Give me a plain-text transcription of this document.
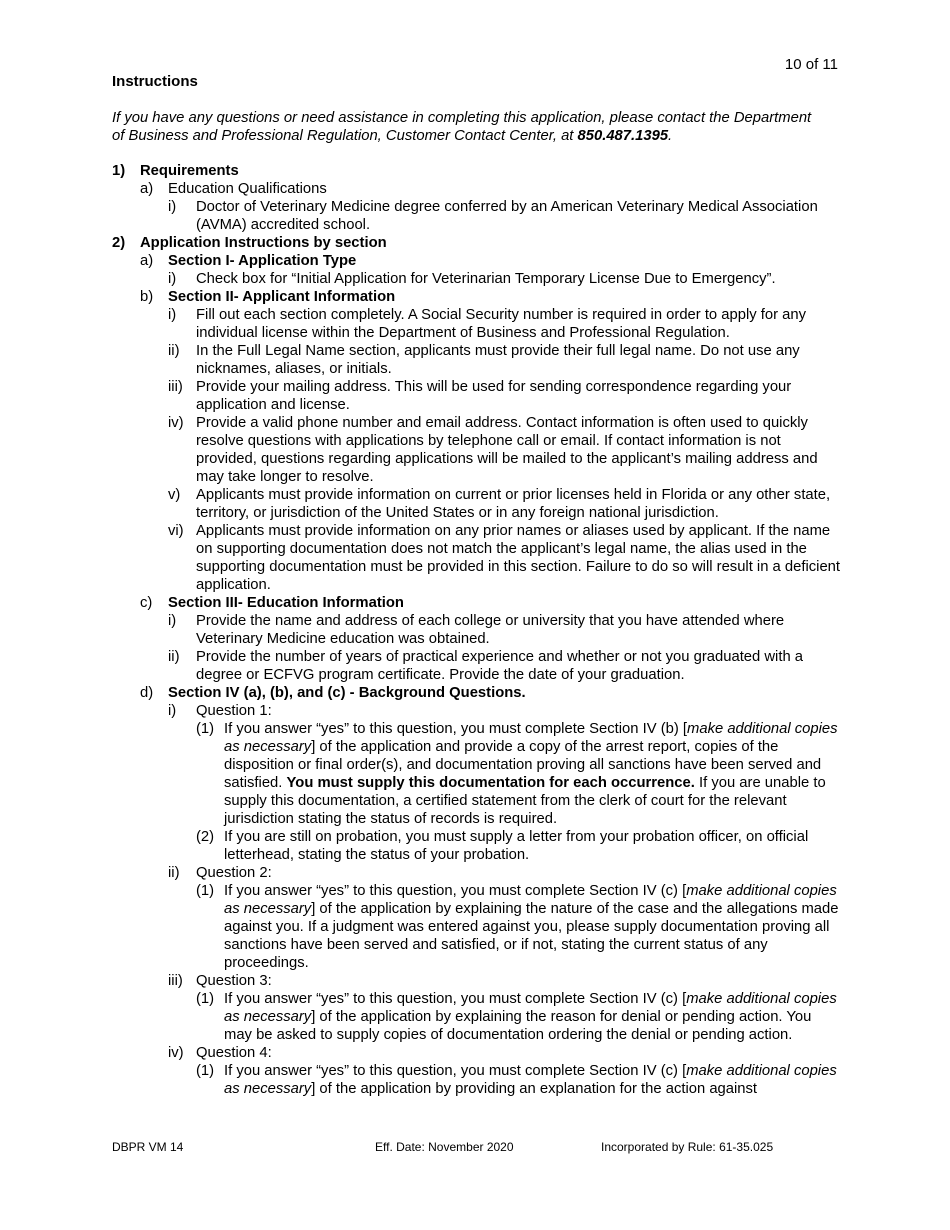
10 of 11
Instructions
If you have any questions or need assistance in completing this application, please contact the Department of Business and Professional Regulation, Customer Contact Center, at 850.487.1395.
1)	Requirements
a)	Education Qualifications
i)	Doctor of Veterinary Medicine degree conferred by an American Veterinary Medical Association (AVMA) accredited school.
2)	Application Instructions by section
a)	Section I- Application Type
i)	Check box for “Initial Application for Veterinarian Temporary License Due to Emergency”.
b)	Section II- Applicant Information
i)	Fill out each section completely. A Social Security number is required in order to apply for any individual license within the Department of Business and Professional Regulation.
ii)	In the Full Legal Name section, applicants must provide their full legal name. Do not use any nicknames, aliases, or initials.
iii) Provide your mailing address. This will be used for sending correspondence regarding your application and license.
iv) Provide a valid phone number and email address. Contact information is often used to quickly resolve questions with applications by telephone call or email. If contact information is not provided, questions regarding applications will be mailed to the applicant’s mailing address and may take longer to resolve.
v)	Applicants must provide information on current or prior licenses held in Florida or any other state, territory, or jurisdiction of the United States or in any foreign national jurisdiction.
vi) Applicants must provide information on any prior names or aliases used by applicant. If the name on supporting documentation does not match the applicant’s legal name, the alias used in the supporting documentation must be provided in this section. Failure to do so will result in a deficient application.
c)	Section III- Education Information
i)	Provide the name and address of each college or university that you have attended where Veterinary Medicine education was obtained.
ii)	Provide the number of years of practical experience and whether or not you graduated with a degree or ECFVG program certificate. Provide the date of your graduation.
d)	Section IV (a), (b), and (c) - Background Questions.
i)	Question 1:
(1) If you answer “yes” to this question, you must complete Section IV (b) [make additional copies as necessary] of the application and provide a copy of the arrest report, copies of the disposition or final order(s), and documentation proving all sanctions have been served and satisfied. You must supply this documentation for each occurrence. If you are unable to supply this documentation, a certified statement from the clerk of court for the relevant jurisdiction stating the status of records is required.
(2) If you are still on probation, you must supply a letter from your probation officer, on official letterhead, stating the status of your probation.
ii)	Question 2:
(1) If you answer “yes” to this question, you must complete Section IV (c) [make additional copies as necessary] of the application by explaining the nature of the case and the allegations made against you. If a judgment was entered against you, please supply documentation proving all sanctions have been served and satisfied, or if not, stating the current status of any proceedings.
iii) Question 3:
(1) If you answer “yes” to this question, you must complete Section IV (c) [make additional copies as necessary] of the application by explaining the reason for denial or pending action. You may be asked to supply copies of documentation ordering the denial or pending action.
iv) Question 4:
(1) If you answer “yes” to this question, you must complete Section IV (c) [make additional copies as necessary] of the application by providing an explanation for the action against
DBPR VM 14	Eff. Date: November 2020	Incorporated by Rule: 61-35.025
